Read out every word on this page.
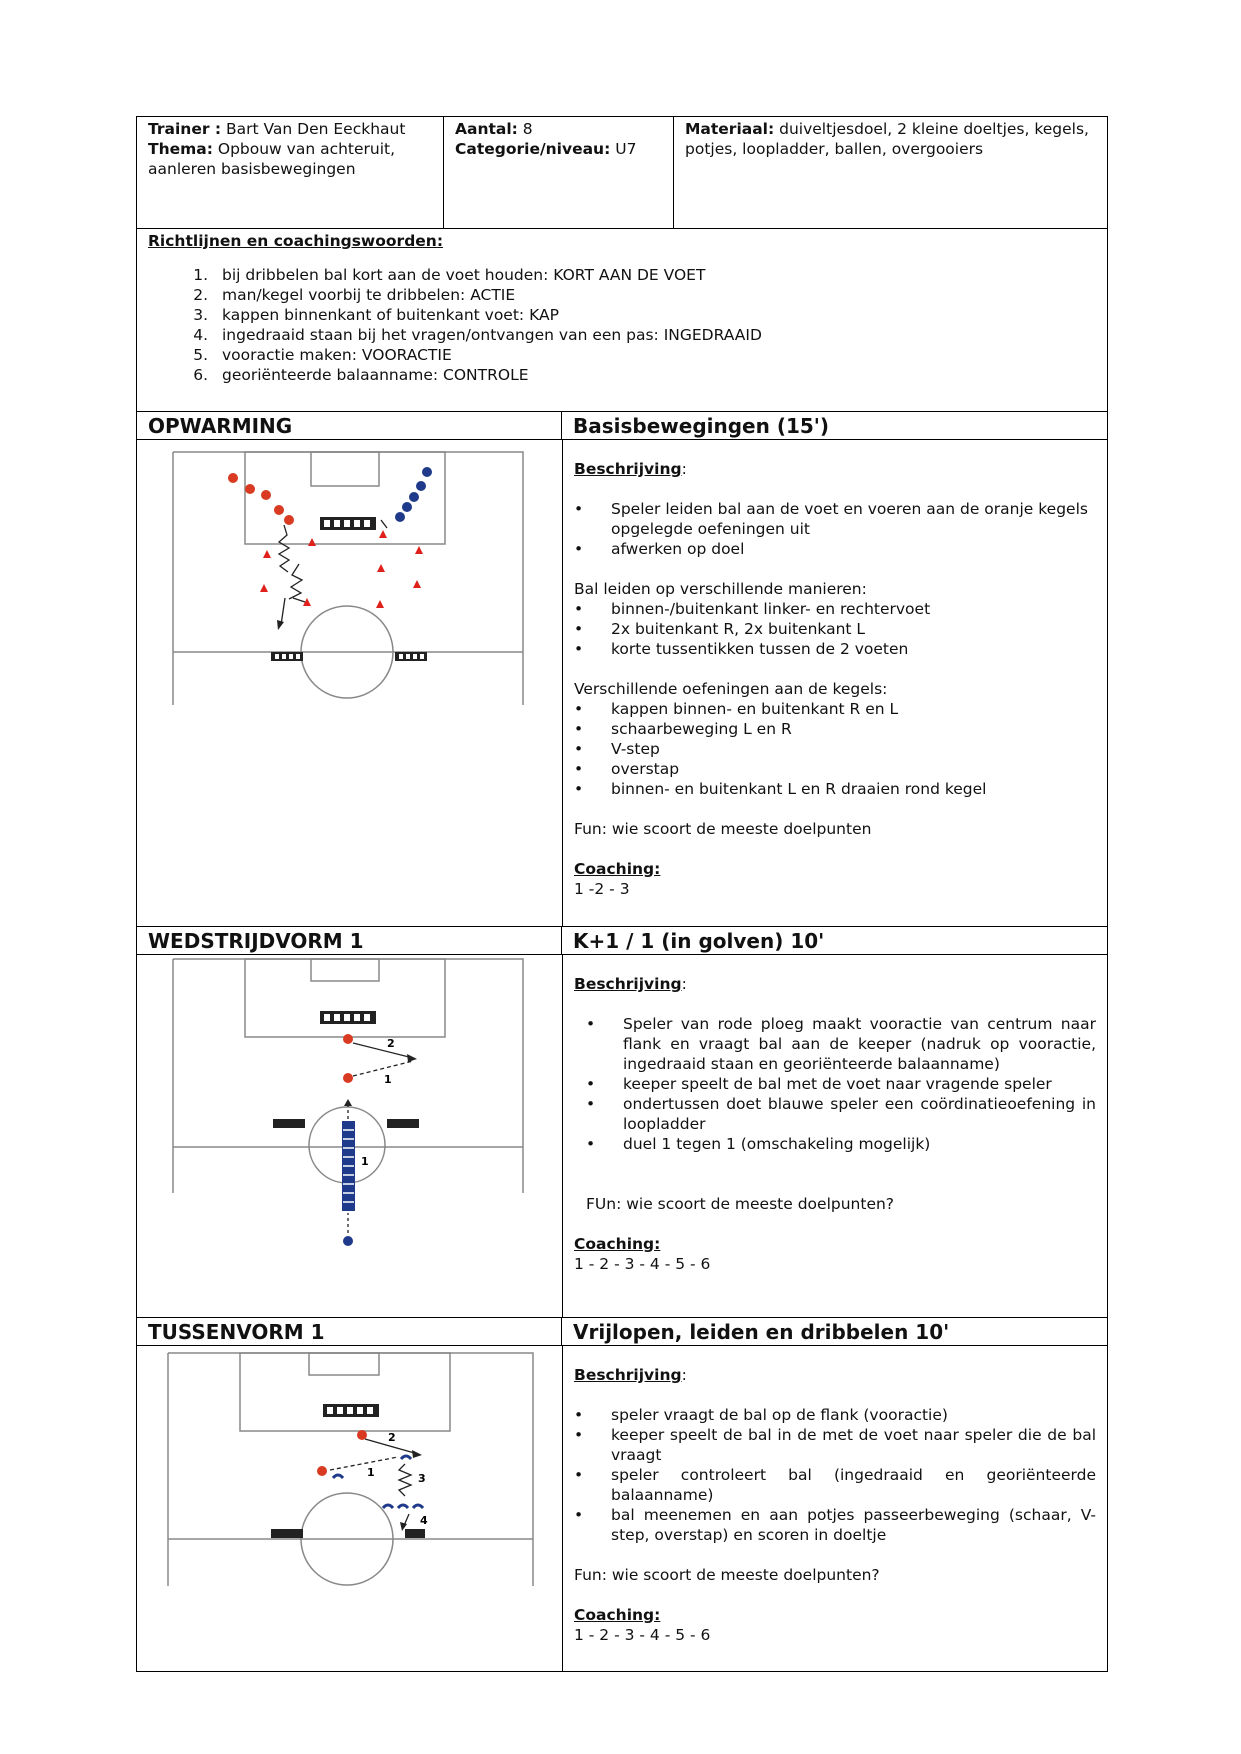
Trainer : Bart Van Den Eeckhaut
Thema: Opbouw van achteruit, aanleren basisbewegingen
Aantal: 8
Categorie/niveau: U7
Materiaal: duiveltjesdoel, 2 kleine doeltjes, kegels, potjes, loopladder, ballen, overgooiers
Richtlijnen en coachingswoorden:
1. bij dribbelen bal kort aan de voet houden: KORT AAN DE VOET
2. man/kegel voorbij te dribbelen: ACTIE
3. kappen binnenkant of buitenkant voet: KAP
4. ingedraaid staan bij het vragen/ontvangen van een pas: INGEDRAAID
5. vooractie maken: VOORACTIE
6. georiënteerde balaanname: CONTROLE
OPWARMING	Basisbewegingen (15')
Beschrijving:
• Speler leiden bal aan de voet en voeren aan de oranje kegels opgelegde oefeningen uit
• afwerken op doel
Bal leiden op verschillende manieren:
• binnen-/buitenkant linker- en rechtervoet
• 2x buitenkant R, 2x buitenkant L
• korte tussentikken tussen de 2 voeten
Verschillende oefeningen aan de kegels:
• kappen binnen- en buitenkant R en L
• schaarbeweging L en R
• V-step
• overstap
• binnen- en buitenkant L en R draaien rond kegel
Fun: wie scoort de meeste doelpunten
Coaching:
1 -2 - 3
WEDSTRIJDVORM 1	K+1 / 1 (in golven) 10'
2
1
1
Beschrijving:
• Speler van rode ploeg maakt vooractie van centrum naar flank en vraagt bal aan de keeper (nadruk op vooractie, ingedraaid staan en georiënteerde balaanname)
• keeper speelt de bal met de voet naar vragende speler
• ondertussen doet blauwe speler een coördinatieoefening in loopladder
• duel 1 tegen 1 (omschakeling mogelijk)
FUn: wie scoort de meeste doelpunten?
Coaching:
1 - 2 - 3 - 4 - 5 - 6
TUSSENVORM 1	Vrijlopen, leiden en dribbelen 10'
2
1	3
4
Beschrijving:
• speler vraagt de bal op de flank (vooractie)
• keeper speelt de bal in de met de voet naar speler die de bal vraagt
• speler controleert bal (ingedraaid en georiënteerde balaanname)
• bal meenemen en aan potjes passeerbeweging (schaar, V-step, overstap) en scoren in doeltje
Fun: wie scoort de meeste doelpunten?
Coaching:
1 - 2 - 3 - 4 - 5 - 6
